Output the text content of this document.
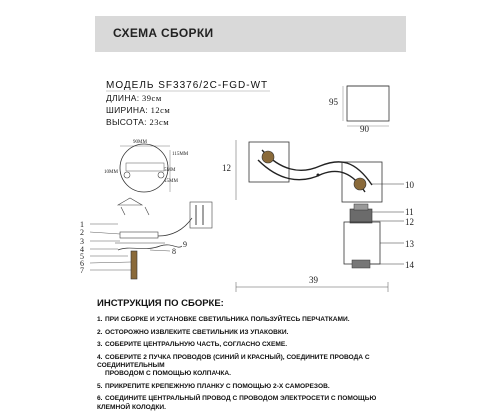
СХЕМА СБОРКИ
МОДЕЛЬ SF3376/2C-FGD-WT
ДЛИНА: 39см
ШИРИНА: 12см
ВЫСОТА: 23см
95
90
90MM
115MM
10MM	5MM
15MM
12
10
11
12
13
14
39
1
2
3
4
5
6
7
8
9
ИНСТРУКЦИЯ ПО СБОРКЕ:
1. ПРИ СБОРКЕ И УСТАНОВКЕ СВЕТИЛЬНИКА ПОЛЬЗУЙТЕСЬ ПЕРЧАТКАМИ.
2. ОСТОРОЖНО ИЗВЛЕКИТЕ СВЕТИЛЬНИК ИЗ УПАКОВКИ.
3. СОБЕРИТЕ ЦЕНТРАЛЬНУЮ ЧАСТЬ, СОГЛАСНО СХЕМЕ.
4. СОБЕРИТЕ 2 ПУЧКА ПРОВОДОВ (СИНИЙ И КРАСНЫЙ), СОЕДИНИТЕ ПРОВОДА С СОЕДИНИТЕЛЬНЫМ
ПРОВОДОМ С ПОМОЩЬЮ КОЛПАЧКА.
5. ПРИКРЕПИТЕ КРЕПЕЖНУЮ ПЛАНКУ С ПОМОЩЬЮ 2-Х САМОРЕЗОВ.
6. СОЕДИНИТЕ ЦЕНТРАЛЬНЫЙ ПРОВОД С ПРОВОДОМ ЭЛЕКТРОСЕТИ С ПОМОЩЬЮ КЛЕМНОЙ КОЛОДКИ.
